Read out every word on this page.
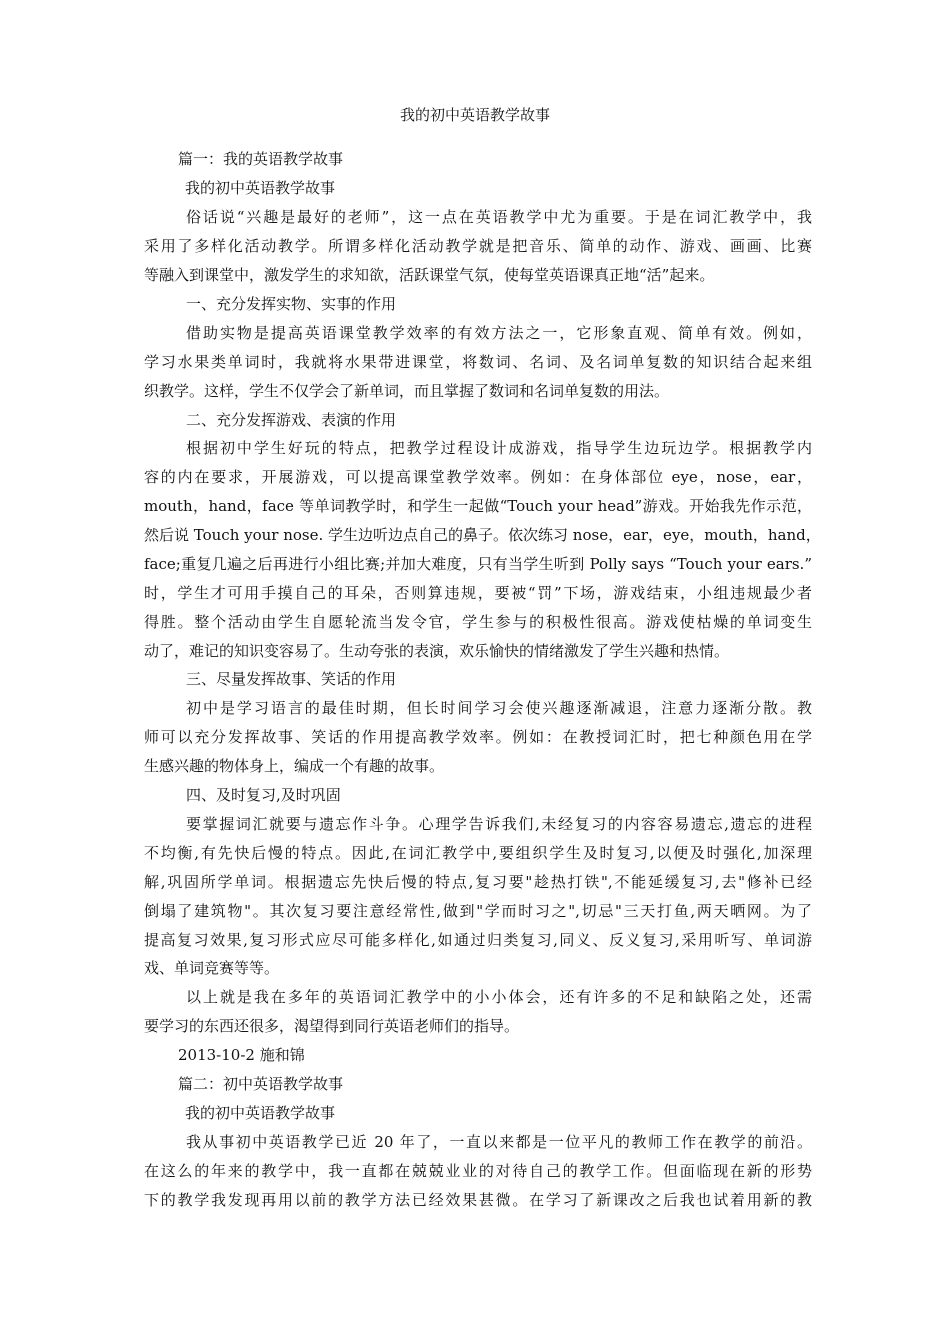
我的初中英语教学故事
篇一：我的英语教学故事
我的初中英语教学故事
俗话说“兴趣是最好的老师”，这一点在英语教学中尤为重要。于是在词汇教学中，我
采用了多样化活动教学。所谓多样化活动教学就是把音乐、简单的动作、游戏、画画、比赛
等融入到课堂中，激发学生的求知欲，活跃课堂气氛，使每堂英语课真正地“活”起来。
一、充分发挥实物、实事的作用
借助实物是提高英语课堂教学效率的有效方法之一，它形象直观、简单有效。例如，
学习水果类单词时，我就将水果带进课堂，将数词、名词、及名词单复数的知识结合起来组
织教学。这样，学生不仅学会了新单词，而且掌握了数词和名词单复数的用法。
二、充分发挥游戏、表演的作用
根据初中学生好玩的特点，把教学过程设计成游戏，指导学生边玩边学。根据教学内
容的内在要求，开展游戏，可以提高课堂教学效率。例如：在身体部位 eye，nose，ear，
mouth，hand，face 等单词教学时，和学生一起做“Touch your head”游戏。开始我先作示范，
然后说 Touch your nose. 学生边听边点自己的鼻子。依次练习 nose，ear，eye，mouth，hand，
face;重复几遍之后再进行小组比赛;并加大难度，只有当学生听到 Polly says “Touch your ears.”
时，学生才可用手摸自己的耳朵，否则算违规，要被“罚”下场，游戏结束，小组违规最少者
得胜。整个活动由学生自愿轮流当发令官，学生参与的积极性很高。游戏使枯燥的单词变生
动了，难记的知识变容易了。生动夸张的表演，欢乐愉快的情绪激发了学生兴趣和热情。
三、尽量发挥故事、笑话的作用
初中是学习语言的最佳时期，但长时间学习会使兴趣逐渐减退，注意力逐渐分散。教
师可以充分发挥故事、笑话的作用提高教学效率。例如：在教授词汇时，把七种颜色用在学
生感兴趣的物体身上，编成一个有趣的故事。
四、及时复习,及时巩固
要掌握词汇就要与遗忘作斗争。心理学告诉我们,未经复习的内容容易遗忘,遗忘的进程
不均衡,有先快后慢的特点。因此,在词汇教学中,要组织学生及时复习,以便及时强化,加深理
解,巩固所学单词。根据遗忘先快后慢的特点,复习要"趁热打铁",不能延缓复习,去"修补已经
倒塌了建筑物"。其次复习要注意经常性,做到"学而时习之",切忌"三天打鱼,两天晒网。为了
提高复习效果,复习形式应尽可能多样化,如通过归类复习,同义、反义复习,采用听写、单词游
戏、单词竞赛等等。
以上就是我在多年的英语词汇教学中的小小体会，还有许多的不足和缺陷之处，还需
要学习的东西还很多，渴望得到同行英语老师们的指导。
2013-10-2 施和锦
篇二：初中英语教学故事
我的初中英语教学故事
我从事初中英语教学已近 20 年了，一直以来都是一位平凡的教师工作在教学的前沿。
在这么的年来的教学中，我一直都在兢兢业业的对待自己的教学工作。但面临现在新的形势
下的教学我发现再用以前的教学方法已经效果甚微。在学习了新课改之后我也试着用新的教
